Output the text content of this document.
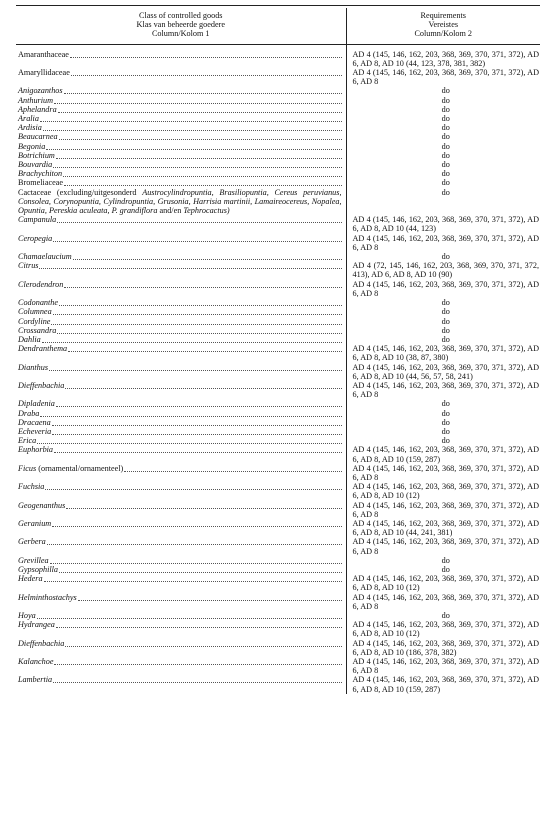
Class of controlled goods
Klas van beheerde goedere
Column/Kolom 1	Requirements
Vereistes
Column/Kolom 2

Amaranthaceae	AD 4 (145, 146, 162, 203, 368, 369, 370, 371, 372), AD 6, AD 8, AD 10 (44, 123, 378, 381, 382)

Amaryllidaceae	AD 4 (145, 146, 162, 203, 368, 369, 370, 371, 372), AD 6, AD 8

Anigozanthos	do

Anthurium	do

Aphelandra	do

Aralia	do

Ardisia	do

Beaucarnea	do

Begonia	do

Botrichium	do

Bouvardia	do

Brachychiton	do

Bromeliaceae	do

Cactaceae (excluding/uitgesonderd Austrocylindropuntia, Brasiliopuntia, Cereus peruvianus, Consolea, Corynopuntia, Cylindropuntia, Grusonia, Harrisia martinii, Lamaireocereus, Nopalea, Opuntia, Pereskia aculeata, P. grandiflora and/en Tephrocactus)	do

Campanula	AD 4 (145, 146, 162, 203, 368, 369, 370, 371, 372), AD 6, AD 8, AD 10 (44, 123)

Ceropegia	AD 4 (145, 146, 162, 203, 368, 369, 370, 371, 372), AD 6, AD 8

Chamaelaucium	do

Citrus	AD 4 (72, 145, 146, 162, 203, 368, 369, 370, 371, 372, 413), AD 6, AD 8, AD 10 (90)

Clerodendron	AD 4 (145, 146, 162, 203, 368, 369, 370, 371, 372), AD 6, AD 8

Codonanthe	do

Columnea	do

Cordyline	do

Crossandra	do

Dahlia	do

Dendranthema	AD 4 (145, 146, 162, 203, 368, 369, 370, 371, 372), AD 6, AD 8, AD 10 (38, 87, 380)

Dianthus	AD 4 (145, 146, 162, 203, 368, 369, 370, 371, 372), AD 6, AD 8, AD 10 (44, 56, 57, 58, 241)

Dieffenbachia	AD 4 (145, 146, 162, 203, 368, 369, 370, 371, 372), AD 6, AD 8

Dipladenia	do

Draba	do

Dracaena	do

Echeveria	do

Erica	do

Euphorbia	AD 4 (145, 146, 162, 203, 368, 369, 370, 371, 372), AD 6, AD 8, AD 10 (159, 287)

Ficus (ornamental/ornamenteel)	AD 4 (145, 146, 162, 203, 368, 369, 370, 371, 372), AD 6, AD 8

Fuchsia	AD 4 (145, 146, 162, 203, 368, 369, 370, 371, 372), AD 6, AD 8, AD 10 (12)

Geogenanthus	AD 4 (145, 146, 162, 203, 368, 369, 370, 371, 372), AD 6, AD 8

Geranium	AD 4 (145, 146, 162, 203, 368, 369, 370, 371, 372), AD 6, AD 8, AD 10 (44, 241, 381)

Gerbera	AD 4 (145, 146, 162, 203, 368, 369, 370, 371, 372), AD 6, AD 8

Grevillea	do

Gypsophilla	do

Hedera	AD 4 (145, 146, 162, 203, 368, 369, 370, 371, 372), AD 6, AD 8, AD 10 (12)

Helminthostachys	AD 4 (145, 146, 162, 203, 368, 369, 370, 371, 372), AD 6, AD 8

Hoya	do

Hydrangea	AD 4 (145, 146, 162, 203, 368, 369, 370, 371, 372), AD 6, AD 8, AD 10 (12)

Dieffenbachia	AD 4 (145, 146, 162, 203, 368, 369, 370, 371, 372), AD 6, AD 8, AD 10 (186, 378, 382)

Kalanchoe	AD 4 (145, 146, 162, 203, 368, 369, 370, 371, 372), AD 6, AD 8

Lambertia	AD 4 (145, 146, 162, 203, 368, 369, 370, 371, 372), AD 6, AD 8, AD 10 (159, 287)
